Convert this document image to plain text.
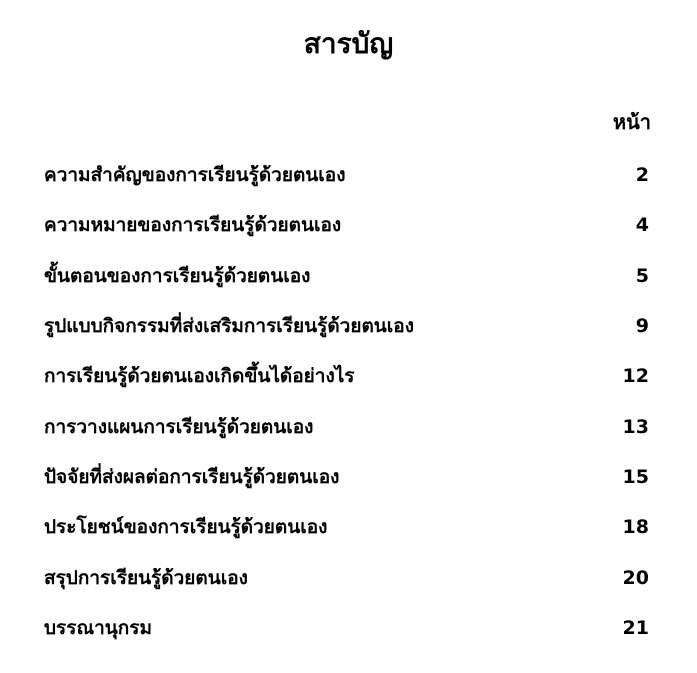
สารบัญ
หน้า
ความสำคัญของการเรียนรู้ด้วยตนเอง	2
ความหมายของการเรียนรู้ด้วยตนเอง	4
ขั้นตอนของการเรียนรู้ด้วยตนเอง	5
รูปแบบกิจกรรมที่ส่งเสริมการเรียนรู้ด้วยตนเอง	9
การเรียนรู้ด้วยตนเองเกิดขึ้นได้อย่างไร	12
การวางแผนการเรียนรู้ด้วยตนเอง	13
ปัจจัยที่ส่งผลต่อการเรียนรู้ด้วยตนเอง	15
ประโยชน์ของการเรียนรู้ด้วยตนเอง	18
สรุปการเรียนรู้ด้วยตนเอง	20
บรรณานุกรม	21
